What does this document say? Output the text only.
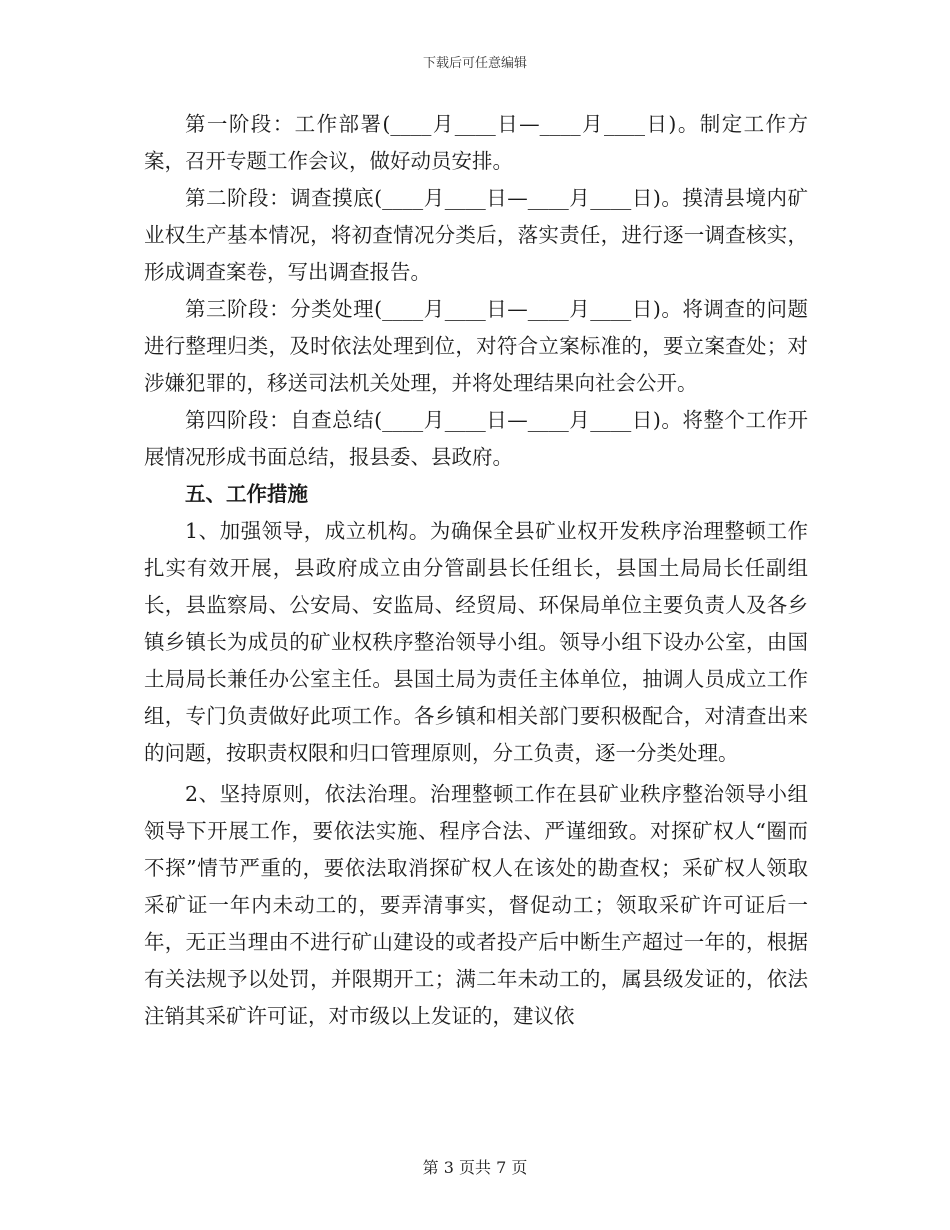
下载后可任意编辑

第一阶段：工作部署(____月____日—____月____日)。制定工作方案，召开专题工作会议，做好动员安排。

第二阶段：调查摸底(____月____日—____月____日)。摸清县境内矿业权生产基本情况，将初查情况分类后，落实责任，进行逐一调查核实，形成调查案卷，写出调查报告。

第三阶段：分类处理(____月____日—____月____日)。将调查的问题进行整理归类，及时依法处理到位，对符合立案标准的，要立案查处；对涉嫌犯罪的，移送司法机关处理，并将处理结果向社会公开。

第四阶段：自查总结(____月____日—____月____日)。将整个工作开展情况形成书面总结，报县委、县政府。

五、工作措施

1、加强领导，成立机构。为确保全县矿业权开发秩序治理整顿工作扎实有效开展，县政府成立由分管副县长任组长，县国土局局长任副组长，县监察局、公安局、安监局、经贸局、环保局单位主要负责人及各乡镇乡镇长为成员的矿业权秩序整治领导小组。领导小组下设办公室，由国土局局长兼任办公室主任。县国土局为责任主体单位，抽调人员成立工作组，专门负责做好此项工作。各乡镇和相关部门要积极配合，对清查出来的问题，按职责权限和归口管理原则，分工负责，逐一分类处理。

2、坚持原则，依法治理。治理整顿工作在县矿业秩序整治领导小组领导下开展工作，要依法实施、程序合法、严谨细致。对探矿权人“圈而不探”情节严重的，要依法取消探矿权人在该处的勘查权；采矿权人领取采矿证一年内未动工的，要弄清事实，督促动工；领取采矿许可证后一年，无正当理由不进行矿山建设的或者投产后中断生产超过一年的，根据有关法规予以处罚，并限期开工；满二年未动工的，属县级发证的，依法注销其采矿许可证，对市级以上发证的，建议依

第 3 页共 7 页
